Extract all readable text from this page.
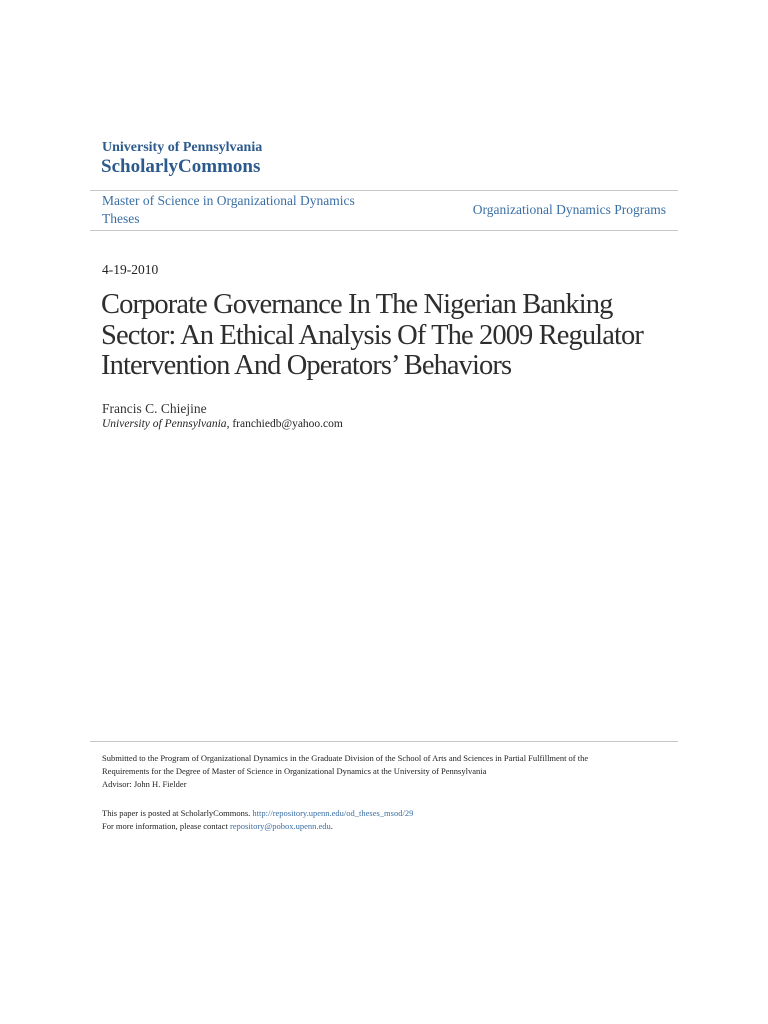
University of Pennsylvania
ScholarlyCommons
Master of Science in Organizational Dynamics Theses
Organizational Dynamics Programs
4-19-2010
Corporate Governance In The Nigerian Banking Sector: An Ethical Analysis Of The 2009 Regulator Intervention And Operators’ Behaviors
Francis C. Chiejine
University of Pennsylvania, franchiedb@yahoo.com
Submitted to the Program of Organizational Dynamics in the Graduate Division of the School of Arts and Sciences in Partial Fulfillment of the
Requirements for the Degree of Master of Science in Organizational Dynamics at the University of Pennsylvania
Advisor: John H. Fielder
This paper is posted at ScholarlyCommons. http://repository.upenn.edu/od_theses_msod/29
For more information, please contact repository@pobox.upenn.edu.
